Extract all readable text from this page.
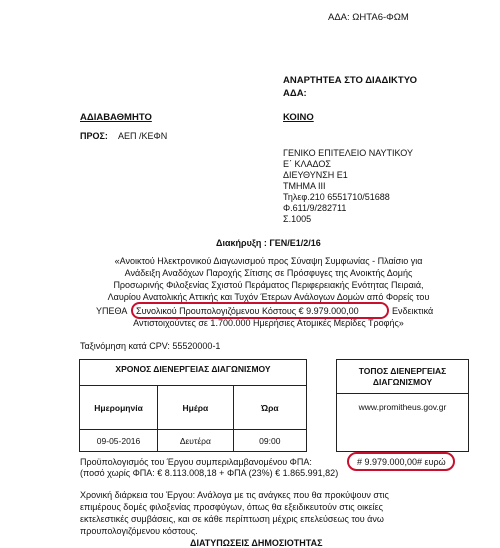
ΑΔΑ: ΩΗΤΑ6-ΦΩΜ
ΑΝΑΡΤΗΤΕΑ ΣΤΟ ΔΙΑΔΙΚΤΥΟ
ΑΔΑ:
ΑΔΙΑΒΑΘΜΗΤΟ	ΚΟΙΝΟ
ΠΡΟΣ: ΑΕΠ /ΚΕΦΝ
ΓΕΝΙΚΟ ΕΠΙΤΕΛΕΙΟ ΝΑΥΤΙΚΟΥ
Ε΄ ΚΛΑΔΟΣ
ΔΙΕΥΘΥΝΣΗ Ε1
ΤΜΗΜΑ ΙΙΙ
Τηλεφ.210 6551710/51688
Φ.611/9/282711
Σ.1005
Διακήρυξη : ΓΕΝ/Ε1/2/16
«Ανοικτού Ηλεκτρονικού Διαγωνισμού προς Σύναψη Συμφωνίας - Πλαίσιο για
Ανάδειξη Αναδόχων Παροχής Σίτισης σε Πρόσφυγες της Ανοικτής Δομής
Προσωρινής Φιλοξενίας Σχιστού Περάματος Περιφερειακής Ενότητας Πειραιά,
Λαυρίου Ανατολικής Αττικής και Τυχόν Έτερων Ανάλογων Δομών από Φορείς του
ΥΠΕΘΑ Συνολικού Προυπολογιζόμενου Κόστους € 9.979.000,00	Ενδεικτικά
Αντιστοιχούντες σε 1.700.000 Ημερήσιες Ατομικές Μερίδες Τροφής»
Ταξινόμηση κατά CPV: 55520000-1
ΧΡΟΝΟΣ ΔΙΕΝΕΡΓΕΙΑΣ ΔΙΑΓΩΝΙΣΜΟΥ		
Ημερομηνία	Ημέρα	Ώρα
09-05-2016	Δευτέρα	09:00
ΤΟΠΟΣ ΔΙΕΝΕΡΓΕΙΑΣ
ΔΙΑΓΩΝΙΣΜΟΥ

www.promitheus.gov.gr
Προϋπολογισμός του Έργου συμπεριλαμβανομένου ΦΠΑ:	# 9.979.000,00# ευρώ
(ποσό χωρίς ΦΠΑ: € 8.113.008,18 + ΦΠΑ (23%) € 1.865.991,82)
Χρονική διάρκεια του Έργου: Ανάλογα με τις ανάγκες που θα προκύψουν στις
επιμέρους δομές φιλοξενίας προσφύγων, όπως θα εξειδικευτούν στις οικείες
εκτελεστικές συμβάσεις, και σε κάθε περίπτωση μέχρις επελεύσεως του άνω
προυπολογιζόμενου κόστους.
ΔΙΑΤΥΠΩΣΕΙΣ ΔΗΜΟΣΙΟΤΗΤΑΣ
